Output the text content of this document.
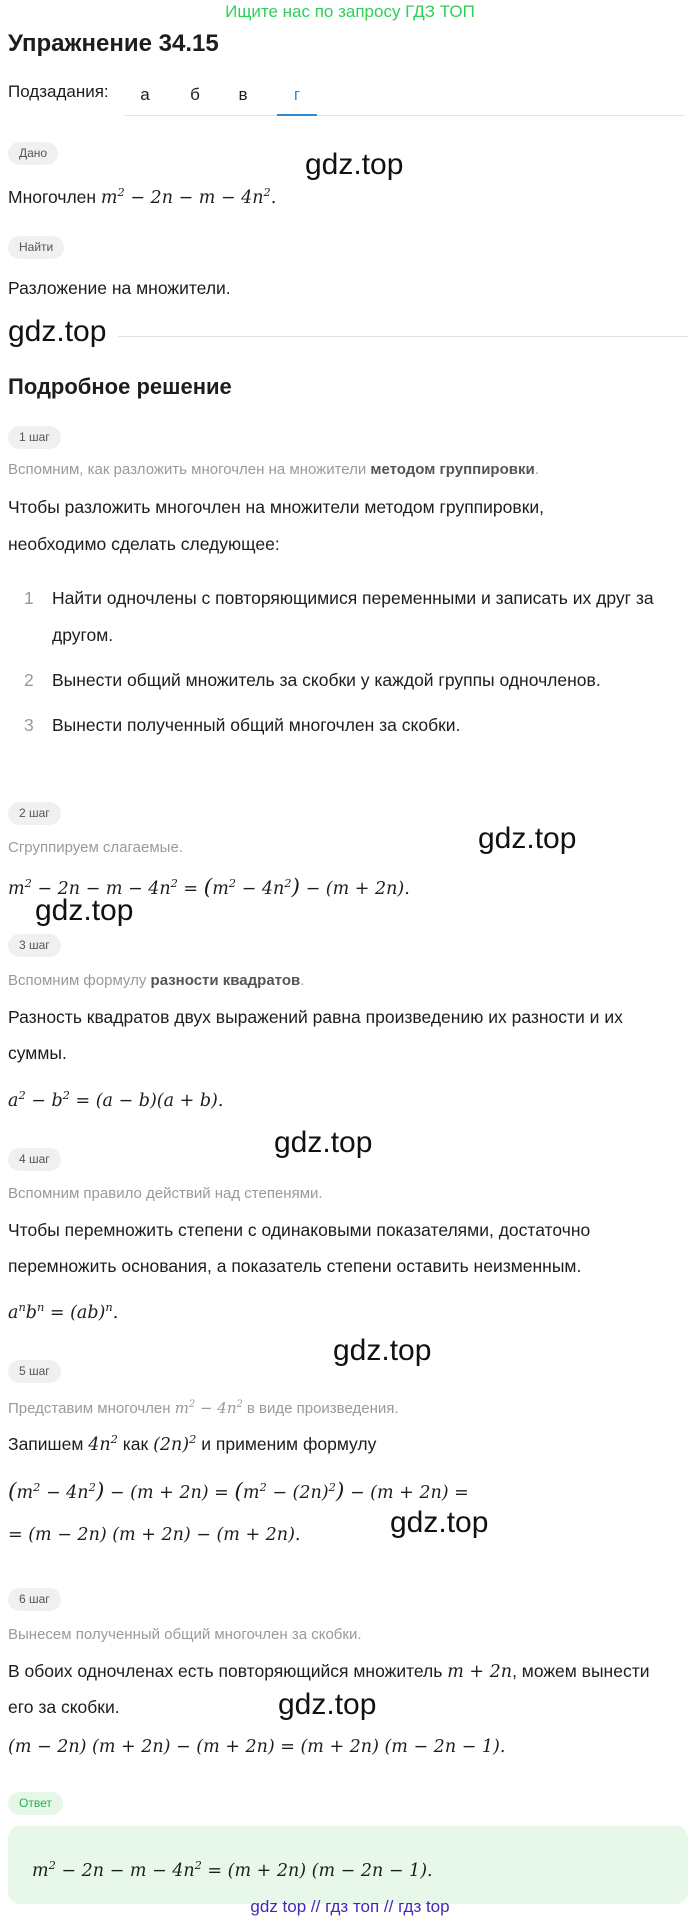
Ищите нас по запросу ГДЗ ТОП
Упражнение 34.15
Подзадания:	а	б	в	г
Дано
Многочлен $m^2 - 2n - m - 4n^2$.
gdz.top
Найти
Разложение на множители.
gdz.top
Подробное решение
1 шаг
Вспомним, как разложить многочлен на множители методом группировки.
Чтобы разложить многочлен на множители методом группировки,
необходимо сделать следующее:
1 Найти одночлены с повторяющимися переменными и записать их друг за
другом.
2 Вынести общий множитель за скобки у каждой группы одночленов.
3 Вынести полученный общий многочлен за скобки.
2 шаг
Сгруппируем слагаемые.	gdz.top
$m^2 - 2n - m - 4n^2 = (m^2 - 4n^2) - (m + 2n)$.
gdz.top
3 шаг
Вспомним формулу разности квадратов.
Разность квадратов двух выражений равна произведению их разности и их
суммы.
$a^2 - b^2 = (a - b)(a + b)$.
gdz.top
4 шаг
Вспомним правило действий над степенями.
Чтобы перемножить степени с одинаковыми показателями, достаточно
перемножить основания, а показатель степени оставить неизменным.
$a^nb^n = (ab)^n$.
gdz.top
5 шаг
Представим многочлен $m^2 - 4n^2$ в виде произведения.
Запишем $4n^2$ как $(2n)^2$ и применим формулу
$(m^2 - 4n^2) - (m + 2n) = (m^2 - (2n)^2) - (m + 2n)$ =
= (m − 2n) (m + 2n) − (m + 2n).	gdz.top
6 шаг
Вынесем полученный общий многочлен за скобки.
В обоих одночленах есть повторяющийся множитель m + 2n, можем вынести
его за скобки.	gdz.top
(m − 2n) (m + 2n) − (m + 2n) = (m + 2n) (m − 2n − 1).
Ответ
$m^2 - 2n - m - 4n^2 = (m + 2n) (m - 2n - 1)$.
gdz top // гдз топ // гдз top
